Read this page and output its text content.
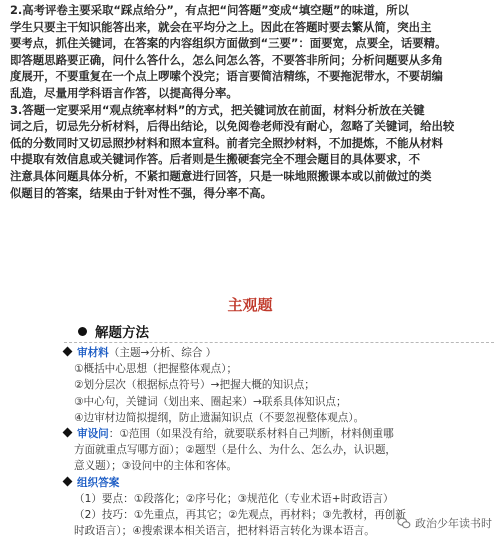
2.高考评卷主要采取“踩点给分”，有点把“问答题”变成“填空题”的味道，所以

学生只要主干知识能答出来，就会在平均分之上。因此在答题时要去繁从简，突出主

要考点，抓住关键词，在答案的内容组织方面做到“三要”：面要宽，点要全，话要精。

即答题思路要正确，问什么答什么，怎么问怎么答，不要答非所问；分析问题要从多角

度展开，不要重复在一个点上啰嗦个没完；语言要简洁精练，不要拖泥带水，不要胡编

乱造，尽量用学科语言作答，以提高得分率。

3.答题一定要采用“观点统率材料”的方式，把关键词放在前面，材料分析放在关键

词之后，切忌先分析材料，后得出结论，以免阅卷老师没有耐心，忽略了关键词，给出较

低的分数同时又切忌照抄材料和照本宣科。前者完全照抄材料，不加提炼，不能从材料

中提取有效信息或关键词作答。后者则是生搬硬套完全不理会题目的具体要求，不

注意具体问题具体分析，不紧扣题意进行回答，只是一味地照搬课本或以前做过的类

似题目的答案，结果由于针对性不强，得分率不高。

主观题
解题方法
审材料 （主题→分析、综合 ）
①概括中心思想（把握整体观点）；
②划分层次（根据标点符号）→把握大概的知识点；
③中心句，关键词（划出来、圈起来）→联系具体知识点；
④边审材边简拟提纲，防止遗漏知识点（不要忽视整体观点）。
审设问 ：①范围（如果没有给，就要联系材料自己判断，材料侧重哪
方面就重点写哪方面）；②题型（是什么、为什么、怎么办，认识题，
意义题）；③设问中的主体和客体。
组织答案
（1）要点：①段落化；②序号化；③规范化（专业术语+时政语言）
（2）技巧：①先重点，再其它；②先观点，再材料；③先教材，再创新
时政语言）；④搜索课本相关语言，把材料语言转化为课本语言。
政治少年读书时
